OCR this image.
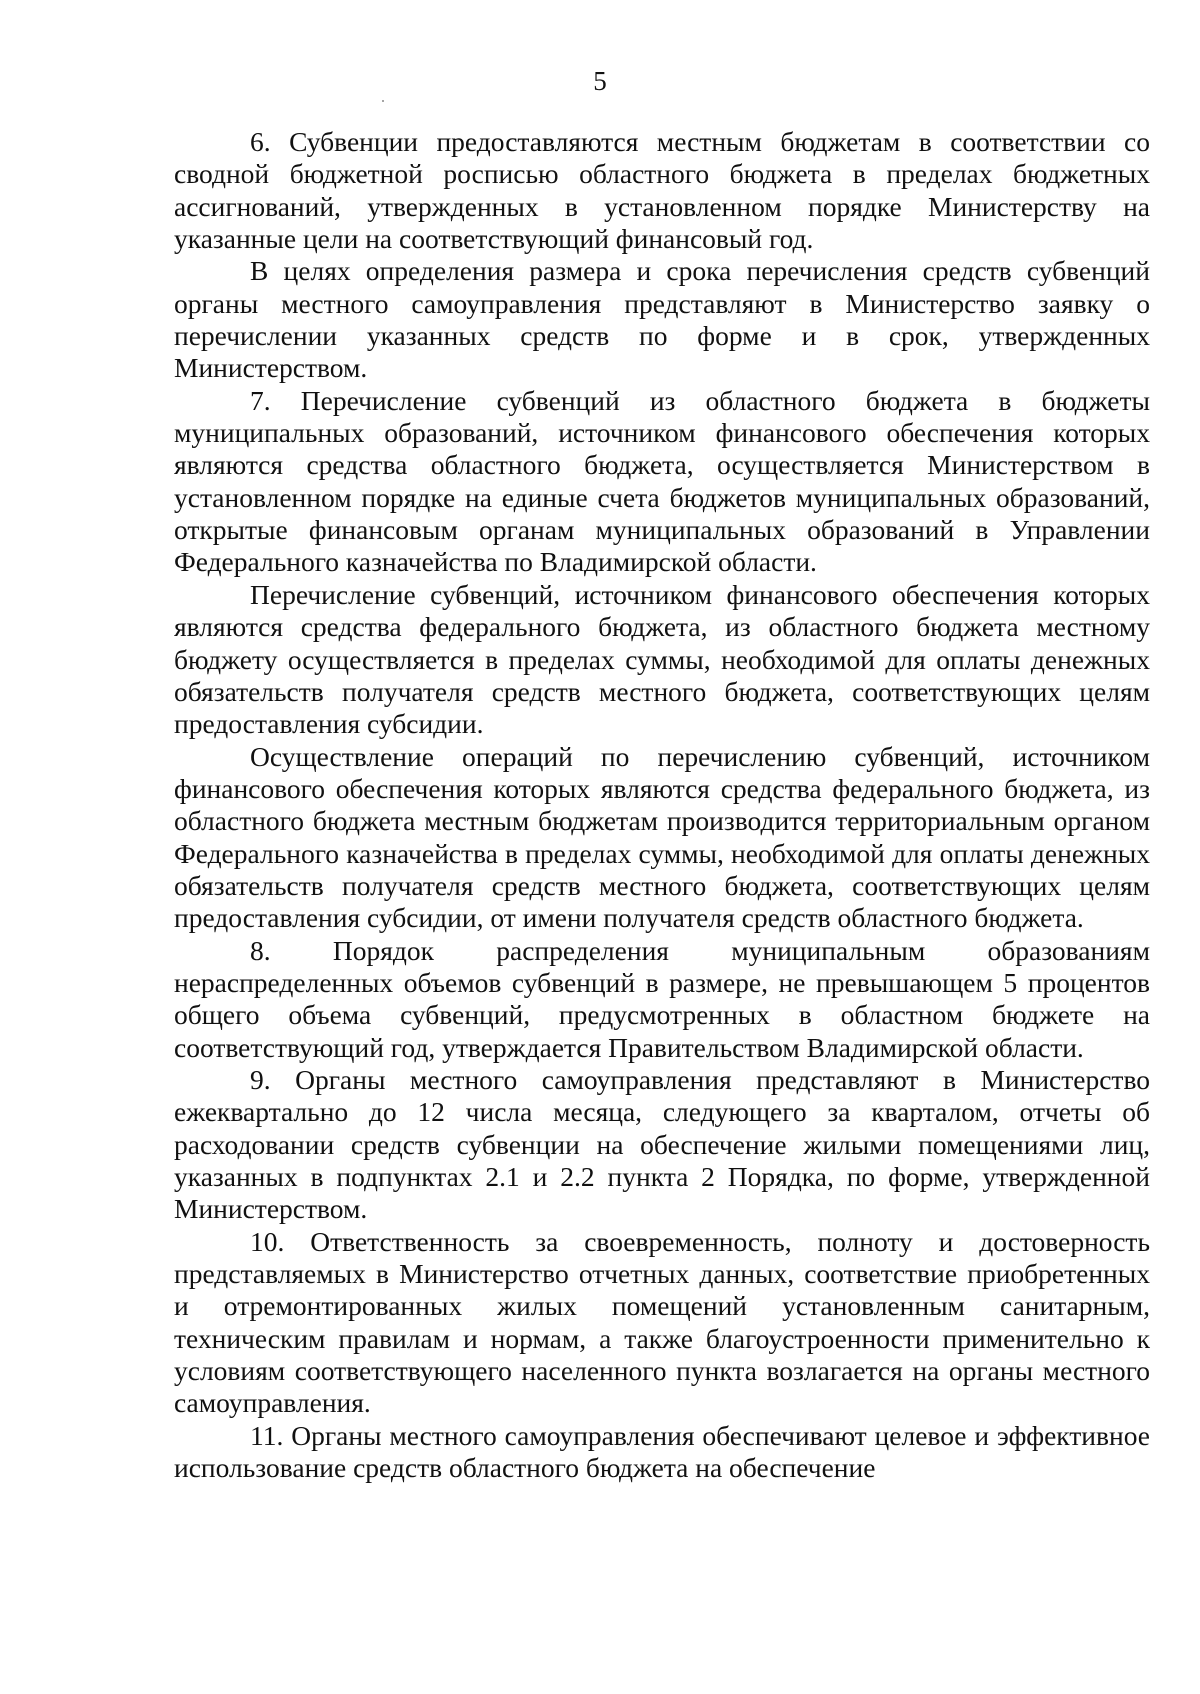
5

6. Субвенции предоставляются местным бюджетам в соответствии со сводной бюджетной росписью областного бюджета в пределах бюджетных ассигнований, утвержденных в установленном порядке Министерству на указанные цели на соответствующий финансовый год.

В целях определения размера и срока перечисления средств субвенций органы местного самоуправления представляют в Министерство заявку о перечислении указанных средств по форме и в срок, утвержденных Министерством.

7. Перечисление субвенций из областного бюджета в бюджеты муниципальных образований, источником финансового обеспечения которых являются средства областного бюджета, осуществляется Министерством в установленном порядке на единые счета бюджетов муниципальных образований, открытые финансовым органам муниципальных образований в Управлении Федерального казначейства по Владимирской области.

Перечисление субвенций, источником финансового обеспечения которых являются средства федерального бюджета, из областного бюджета местному бюджету осуществляется в пределах суммы, необходимой для оплаты денежных обязательств получателя средств местного бюджета, соответствующих целям предоставления субсидии.

Осуществление операций по перечислению субвенций, источником финансового обеспечения которых являются средства федерального бюджета, из областного бюджета местным бюджетам производится территориальным органом Федерального казначейства в пределах суммы, необходимой для оплаты денежных обязательств получателя средств местного бюджета, соответствующих целям предоставления субсидии, от имени получателя средств областного бюджета.

8. Порядок распределения муниципальным образованиям нераспределенных объемов субвенций в размере, не превышающем 5 процентов общего объема субвенций, предусмотренных в областном бюджете на соответствующий год, утверждается Правительством Владимирской области.

9. Органы местного самоуправления представляют в Министерство ежеквартально до 12 числа месяца, следующего за кварталом, отчеты об расходовании средств субвенции на обеспечение жилыми помещениями лиц, указанных в подпунктах 2.1 и 2.2 пункта 2 Порядка, по форме, утвержденной Министерством.

10. Ответственность за своевременность, полноту и достоверность представляемых в Министерство отчетных данных, соответствие приобретенных и отремонтированных жилых помещений установленным санитарным, техническим правилам и нормам, а также благоустроенности применительно к условиям соответствующего населенного пункта возлагается на органы местного самоуправления.

11. Органы местного самоуправления обеспечивают целевое и эффективное использование средств областного бюджета на обеспечение
